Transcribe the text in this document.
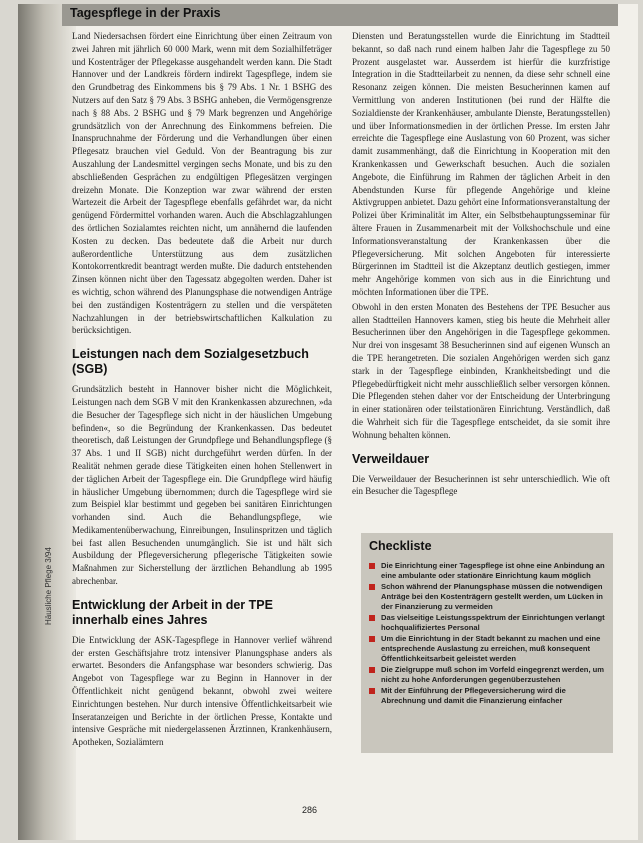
Tagespflege in der Praxis

Land Niedersachsen fördert eine Einrichtung über einen Zeitraum von zwei Jahren mit jährlich 60 000 Mark, wenn mit dem Sozialhilfeträger und Kostenträger der Pflegekasse ausgehandelt werden kann. Die Stadt Hannover und der Landkreis fördern indirekt Tagespflege, indem sie den Grundbetrag des Einkommens bis § 79 Abs. 1 Nr. 1 BSHG des Nutzers auf den Satz § 79 Abs. 3 BSHG anheben, die Vermögensgrenze nach § 88 Abs. 2 BSHG und § 79 Mark begrenzen und Angehörige grundsätzlich von der Anrechnung des Einkommens befreien. Die Inanspruchnahme der Förderung und die Verhandlungen über einen Pflegesatz brauchen viel Geduld. Von der Beantragung bis zur Auszahlung der Landesmittel vergingen sechs Monate, und bis zu den abschließenden Gesprächen zu endgültigen Pflegesätzen vergingen dreizehn Monate. Die Konzeption war zwar während der ersten Wartezeit die Arbeit der Tagespflege ebenfalls gefährdet war, da nicht genügend Fördermittel vorhanden waren. Auch die Abschlagzahlungen des örtlichen Sozialamtes reichten nicht, um annähernd die laufenden Kosten zu decken. Das bedeutete daß die Arbeit nur durch außerordentliche Unterstützung aus dem zusätzlichen Kontokorrentkredit beantragt werden mußte. Die dadurch entstehenden Zinsen können nicht über den Tagessatz abgegolten werden. Daher ist es wichtig, schon während des Planungsphase die notwendigen Anträge bei den zuständigen Kostenträgern zu stellen und die verspäteten Nachzahlungen in der betriebswirtschaftlichen Kalkulation zu berücksichtigen.

Leistungen nach dem Sozialgesetzbuch (SGB)

Grundsätzlich besteht in Hannover bisher nicht die Möglichkeit, Leistungen nach dem SGB V mit den Krankenkassen abzurechnen, »da die Besucher der Tagespflege sich nicht in der häuslichen Umgebung befinden«, so die Begründung der Krankenkassen. Das bedeutet theoretisch, daß Leistungen der Grundpflege und Behandlungspflege (§ 37 Abs. 1 und II SGB) nicht durchgeführt werden dürfen. In der Realität nehmen gerade diese Tätigkeiten einen hohen Stellenwert in der täglichen Arbeit der Tagespflege ein. Die Grundpflege wird häufig in häuslicher Umgebung übernommen; durch die Tagespflege wird sie zum Beispiel klar bestimmt und gegeben bei sanitären Einrichtungen vorhanden sind. Auch die Behandlungspflege, wie Medikamentenüberwachung, Einreibungen, Insulinspritzen und täglich bei fast allen Besuchenden unumgänglich. Sie ist und hält sich Ausbildung der Pflegeversicherung pflegerische Tätigkeiten sowie Maßnahmen zur Sicherstellung der ärztlichen Behandlung ab 1995 abrechenbar.

Entwicklung der Arbeit in der TPE innerhalb eines Jahres

Die Entwicklung der ASK-Tagespflege in Hannover verlief während der ersten Geschäftsjahre trotz intensiver Planungsphase anders als erwartet. Besonders die Anfangsphase war besonders schwierig. Das Angebot von Tagespflege war zu Beginn in Hannover in der Öffentlichkeit nicht genügend bekannt, obwohl zwei weitere Einrichtungen bestehen. Nur durch intensive Öffentlichkeitsarbeit wie Inseratanzeigen und Berichte in der örtlichen Presse, Kontakte und intensive Gespräche mit niedergelassenen Ärztinnen, Krankenhäusern, Apotheken, Sozialämtern

Diensten und Beratungsstellen wurde die Einrichtung im Stadtteil bekannt, so daß nach rund einem halben Jahr die Tagespflege zu 50 Prozent ausgelastet war. Ausserdem ist hierfür die kurzfristige Integration in die Stadtteilarbeit zu nennen, da diese sehr schnell eine Resonanz zeigen können. Die meisten Besucherinnen kamen auf Vermittlung von anderen Institutionen (bei rund der Hälfte die Sozialdienste der Krankenhäuser, ambulante Dienste, Beratungsstellen) und über Informationsmedien in der örtlichen Presse. Im ersten Jahr erreichte die Tagespflege eine Auslastung von 60 Prozent, was sicher damit zusammenhängt, daß die Einrichtung in Kooperation mit den Krankenkassen und Gewerkschaft besuchen. Auch die sozialen Angebote, die Einführung im Rahmen der täglichen Arbeit in den Abendstunden Kurse für pflegende Angehörige und kleine Aktivgruppen anbietet. Dazu gehört eine Informationsveranstaltung der Polizei über Kriminalität im Alter, ein Selbstbehauptungsseminar für ältere Frauen in Zusammenarbeit mit der Volkshochschule und eine Informationsveranstaltung der Krankenkassen über die Pflegeversicherung. Mit solchen Angeboten für interessierte Bürgerinnen im Stadtteil ist die Akzeptanz deutlich gestiegen, immer mehr Angehörige kommen von sich aus in die Einrichtung und möchten Informationen über die TPE.

Obwohl in den ersten Monaten des Bestehens der TPE Besucher aus allen Stadtteilen Hannovers kamen, stieg bis heute die Mehrheit aller Besucherinnen über den Angehörigen in die Tagespflege gekommen. Nur drei von insgesamt 38 Besucherinnen sind auf eigenen Wunsch an die TPE herangetreten. Die sozialen Angehörigen werden sich ganz stark in der Tagespflege einbinden, Krankheitsbedingt und die Pflegebedürftigkeit nicht mehr ausschließlich selber versorgen können. Die Pflegenden stehen daher vor der Entscheidung der Unterbringung in einer stationären oder teilstationären Einrichtung. Verständlich, daß die Wahrheit sich für die Tagespflege entscheidet, da sie somit ihre Wohnung behalten können.

Verweildauer

Die Verweildauer der Besucherinnen ist sehr unterschiedlich. Wie oft ein Besucher die Tagespflege

Checkliste
Die Einrichtung einer Tagespflege ist ohne eine Anbindung an eine ambulante oder stationäre Einrichtung kaum möglich
Schon während der Planungsphase müssen die notwendigen Anträge bei den Kostenträgern gestellt werden, um Lücken in der Finanzierung zu vermeiden
Das vielseitige Leistungsspektrum der Einrichtungen verlangt hochqualifiziertes Personal
Um die Einrichtung in der Stadt bekannt zu machen und eine entsprechende Auslastung zu erreichen, muß konsequent Öffentlichkeitsarbeit geleistet werden
Die Zielgruppe muß schon im Vorfeld eingegrenzt werden, um nicht zu hohe Anforderungen gegenüberzustehen
Mit der Einführung der Pflegeversicherung wird die Abrechnung und damit die Finanzierung einfacher
Häusliche Pflege 3/94
286
